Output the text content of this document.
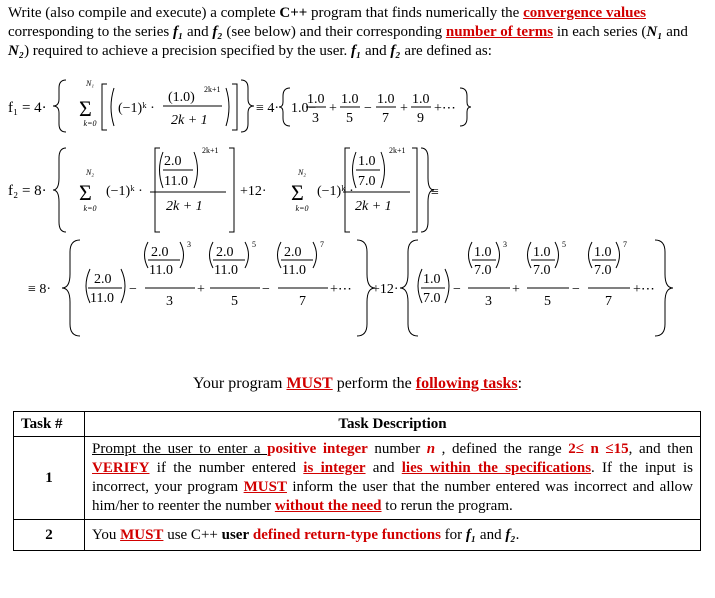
Write (also compile and execute) a complete C++ program that finds numerically the convergence values corresponding to the series f₁ and f₂ (see below) and their corresponding number of terms in each series (N₁ and N₂) required to achieve a precision specified by the user. f₁ and f₂ are defined as:
f₁ = 4·
N₁
Σ
k=0
(−1)ᵏ ·
(1.0)
2k+1
2k + 1
≡ 4· 1.0−
1.0
3
+
1.0
5
−
1.0
7
+
1.0
9
+⋯
f₂ = 8·
N₂
Σ
k=0
(−1)ᵏ ·
2.0
11.0
2k+1
2k + 1
+12·
N₂
Σ
k=0
(−1)ᵏ ·
1.0
7.0
2k+1
2k + 1
≡
≡ 8·
2.0
11.0
−
2.0
11.0
3
3
+
2.0
11.0
5
5
−
2.0
11.0
7
7
+⋯ +12·
1.0
7.0
−
1.0
7.0
3
3
+
1.0
7.0
5
5
−
1.0
7.0
7
7
+⋯
Your program MUST perform the following tasks:
Task #	Task Description
1	Prompt the user to enter a positive integer number n , defined the range 2≤ n ≤15, and then VERIFY if the number entered is integer and lies within the specifications. If the input is incorrect, your program MUST inform the user that the number entered was incorrect and allow him/her to reenter the number without the need to rerun the program.
2	You MUST use C++ user defined return-type functions for f₁ and f₂.
